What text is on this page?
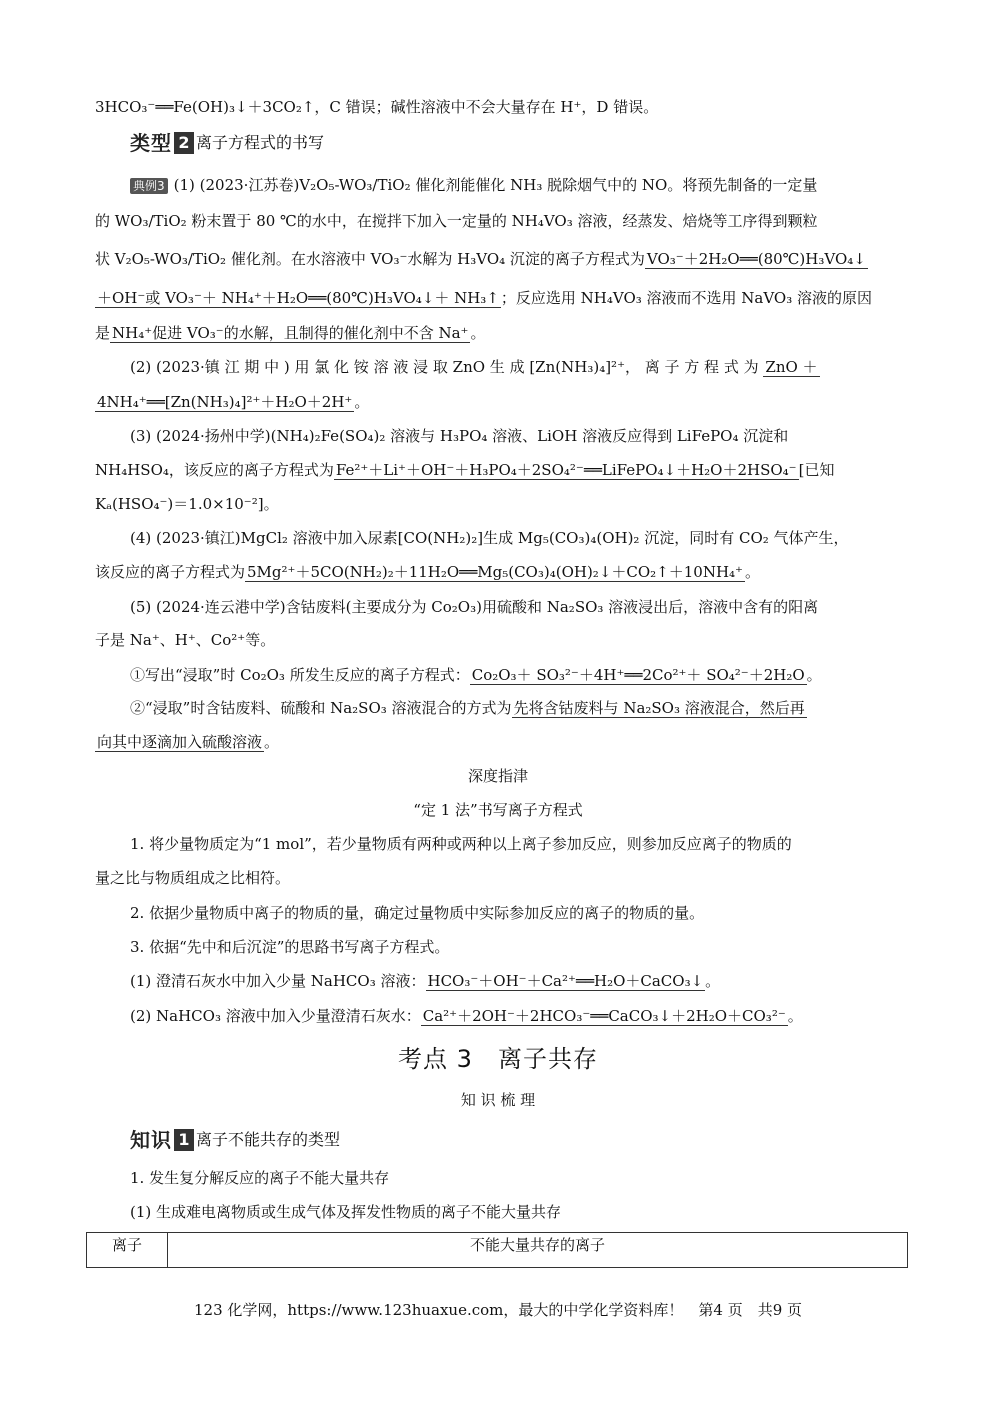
3HCO₃⁻══Fe(OH)₃↓＋3CO₂↑，C 错误；碱性溶液中不会大量存在 H⁺，D 错误。
类型 2 离子方程式的书写
典例3 (1) (2023·江苏卷)V₂O₅-WO₃/TiO₂ 催化剂能催化 NH₃ 脱除烟气中的 NO。将预先制备的一定量
的 WO₃/TiO₂ 粉末置于 80 ℃的水中，在搅拌下加入一定量的 NH₄VO₃ 溶液，经蒸发、焙烧等工序得到颗粒
状 V₂O₅-WO₃/TiO₂ 催化剂。在水溶液中 VO₃⁻水解为 H₃VO₄ 沉淀的离子方程式为 VO₃⁻＋2H₂O══(80℃)H₃VO₄↓
＋OH⁻或 VO₃⁻＋ NH₄⁺＋H₂O══(80℃)H₃VO₄↓＋ NH₃↑ ；反应选用 NH₄VO₃ 溶液而不选用 NaVO₃ 溶液的原因
是 NH₄⁺促进 VO₃⁻的水解，且制得的催化剂中不含 Na⁺ 。
(2) (2023·镇 江 期 中 ) 用 氯 化 铵 溶 液 浸 取 ZnO 生 成 [Zn(NH₃)₄]²⁺， 离 子 方 程 式 为 ZnO ＋
4NH₄⁺══[Zn(NH₃)₄]²⁺＋H₂O＋2H⁺ 。
(3) (2024·扬州中学)(NH₄)₂Fe(SO₄)₂ 溶液与 H₃PO₄ 溶液、LiOH 溶液反应得到 LiFePO₄ 沉淀和
NH₄HSO₄，该反应的离子方程式为 Fe²⁺＋Li⁺＋OH⁻＋H₃PO₄＋2SO₄²⁻══LiFePO₄↓＋H₂O＋2HSO₄⁻ [已知
Kₐ(HSO₄⁻)＝1.0×10⁻²]。
(4) (2023·镇江)MgCl₂ 溶液中加入尿素[CO(NH₂)₂]生成 Mg₅(CO₃)₄(OH)₂ 沉淀，同时有 CO₂ 气体产生，
该反应的离子方程式为 5Mg²⁺＋5CO(NH₂)₂＋11H₂O══Mg₅(CO₃)₄(OH)₂↓＋CO₂↑＋10NH₄⁺ 。
(5) (2024·连云港中学)含钴废料(主要成分为 Co₂O₃)用硫酸和 Na₂SO₃ 溶液浸出后，溶液中含有的阳离
子是 Na⁺、H⁺、Co²⁺等。
①写出“浸取”时 Co₂O₃ 所发生反应的离子方程式： Co₂O₃＋ SO₃²⁻＋4H⁺══2Co²⁺＋ SO₄²⁻＋2H₂O 。
②“浸取”时含钴废料、硫酸和 Na₂SO₃ 溶液混合的方式为 先将含钴废料与 Na₂SO₃ 溶液混合，然后再
向其中逐滴加入硫酸溶液 。
深度指津
“定 1 法”书写离子方程式
1. 将少量物质定为“1 mol”，若少量物质有两种或两种以上离子参加反应，则参加反应离子的物质的
量之比与物质组成之比相符。
2. 依据少量物质中离子的物质的量，确定过量物质中实际参加反应的离子的物质的量。
3. 依据“先中和后沉淀”的思路书写离子方程式。
(1) 澄清石灰水中加入少量 NaHCO₃ 溶液： HCO₃⁻＋OH⁻＋Ca²⁺══H₂O＋CaCO₃↓ 。
(2) NaHCO₃ 溶液中加入少量澄清石灰水： Ca²⁺＋2OH⁻＋2HCO₃⁻══CaCO₃↓＋2H₂O＋CO₃²⁻ 。
考点 3　离子共存
知 识 梳 理
知识 1 离子不能共存的类型
1. 发生复分解反应的离子不能大量共存
(1) 生成难电离物质或生成气体及挥发性物质的离子不能大量共存
离子	不能大量共存的离子
123 化学网，https://www.123huaxue.com，最大的中学化学资料库！　第4 页　共9 页
